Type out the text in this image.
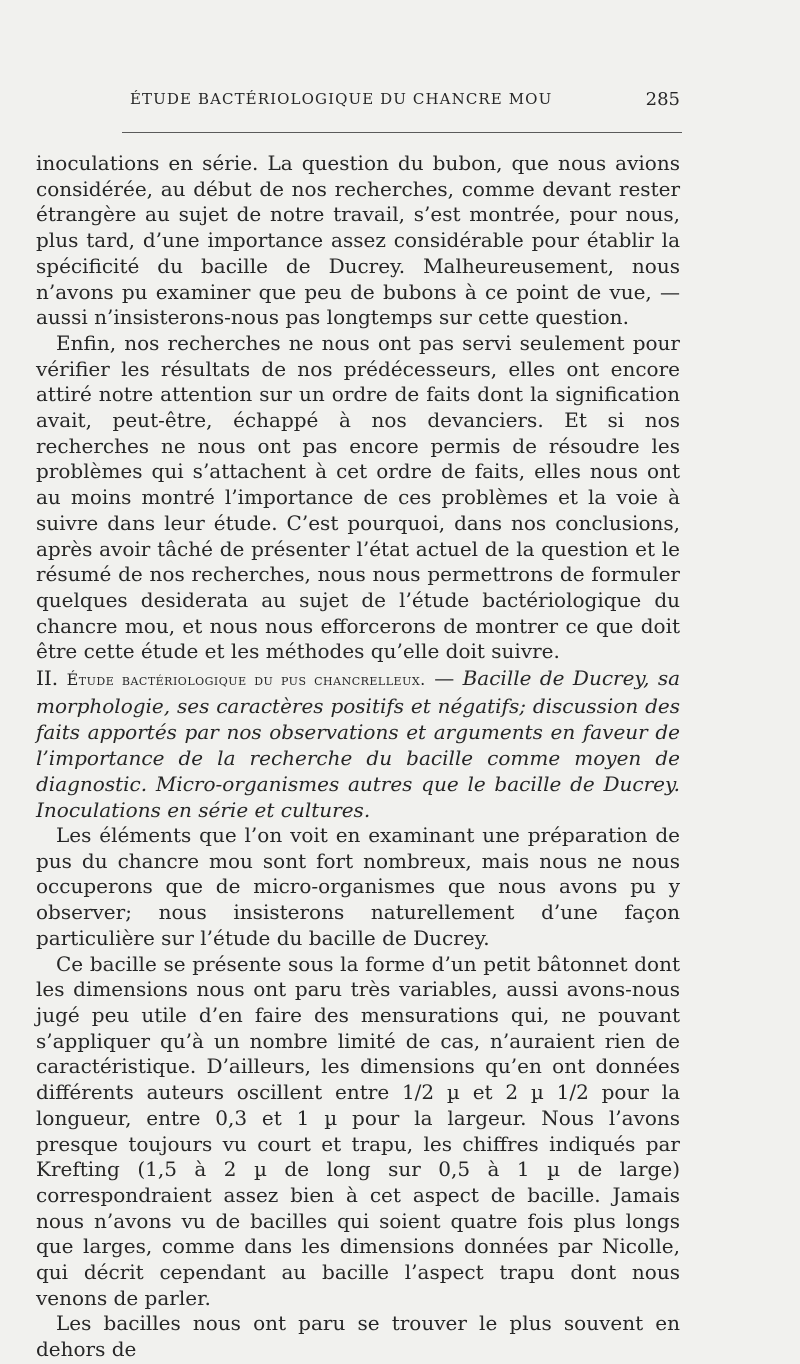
ÉTUDE BACTÉRIOLOGIQUE DU CHANCRE MOU	285

inoculations en série. La question du bubon, que nous avions considérée, au début de nos recherches, comme devant rester étrangère au sujet de notre travail, s’est montrée, pour nous, plus tard, d’une importance assez considérable pour établir la spécificité du bacille de Ducrey. Malheureusement, nous n’avons pu examiner que peu de bubons à ce point de vue, — aussi n’insisterons-nous pas longtemps sur cette question.

Enfin, nos recherches ne nous ont pas servi seulement pour vérifier les résultats de nos prédécesseurs, elles ont encore attiré notre attention sur un ordre de faits dont la signification avait, peut-être, échappé à nos devanciers. Et si nos recherches ne nous ont pas encore permis de résoudre les problèmes qui s’attachent à cet ordre de faits, elles nous ont au moins montré l’importance de ces problèmes et la voie à suivre dans leur étude. C’est pourquoi, dans nos conclusions, après avoir tâché de présenter l’état actuel de la question et le résumé de nos recherches, nous nous permettrons de formuler quelques desiderata au sujet de l’étude bactériologique du chancre mou, et nous nous efforcerons de montrer ce que doit être cette étude et les méthodes qu’elle doit suivre.

II. Étude bactériologique du pus chancrelleux. — Bacille de Ducrey, sa morphologie, ses caractères positifs et négatifs; discussion des faits apportés par nos observations et arguments en faveur de l’importance de la recherche du bacille comme moyen de diagnostic. Micro-organismes autres que le bacille de Ducrey. Inoculations en série et cultures.

Les éléments que l’on voit en examinant une préparation de pus du chancre mou sont fort nombreux, mais nous ne nous occuperons que de micro-organismes que nous avons pu y observer; nous insisterons naturellement d’une façon particulière sur l’étude du bacille de Ducrey.

Ce bacille se présente sous la forme d’un petit bâtonnet dont les dimensions nous ont paru très variables, aussi avons-nous jugé peu utile d’en faire des mensurations qui, ne pouvant s’appliquer qu’à un nombre limité de cas, n’auraient rien de caractéristique. D’ailleurs, les dimensions qu’en ont données différents auteurs oscillent entre 1/2 µ et 2 µ 1/2 pour la longueur, entre 0,3 et 1 µ pour la largeur. Nous l’avons presque toujours vu court et trapu, les chiffres indiqués par Krefting (1,5 à 2 µ de long sur 0,5 à 1 µ de large) correspondraient assez bien à cet aspect de bacille. Jamais nous n’avons vu de bacilles qui soient quatre fois plus longs que larges, comme dans les dimensions données par Nicolle, qui décrit cependant au bacille l’aspect trapu dont nous venons de parler.

Les bacilles nous ont paru se trouver le plus souvent en dehors de
